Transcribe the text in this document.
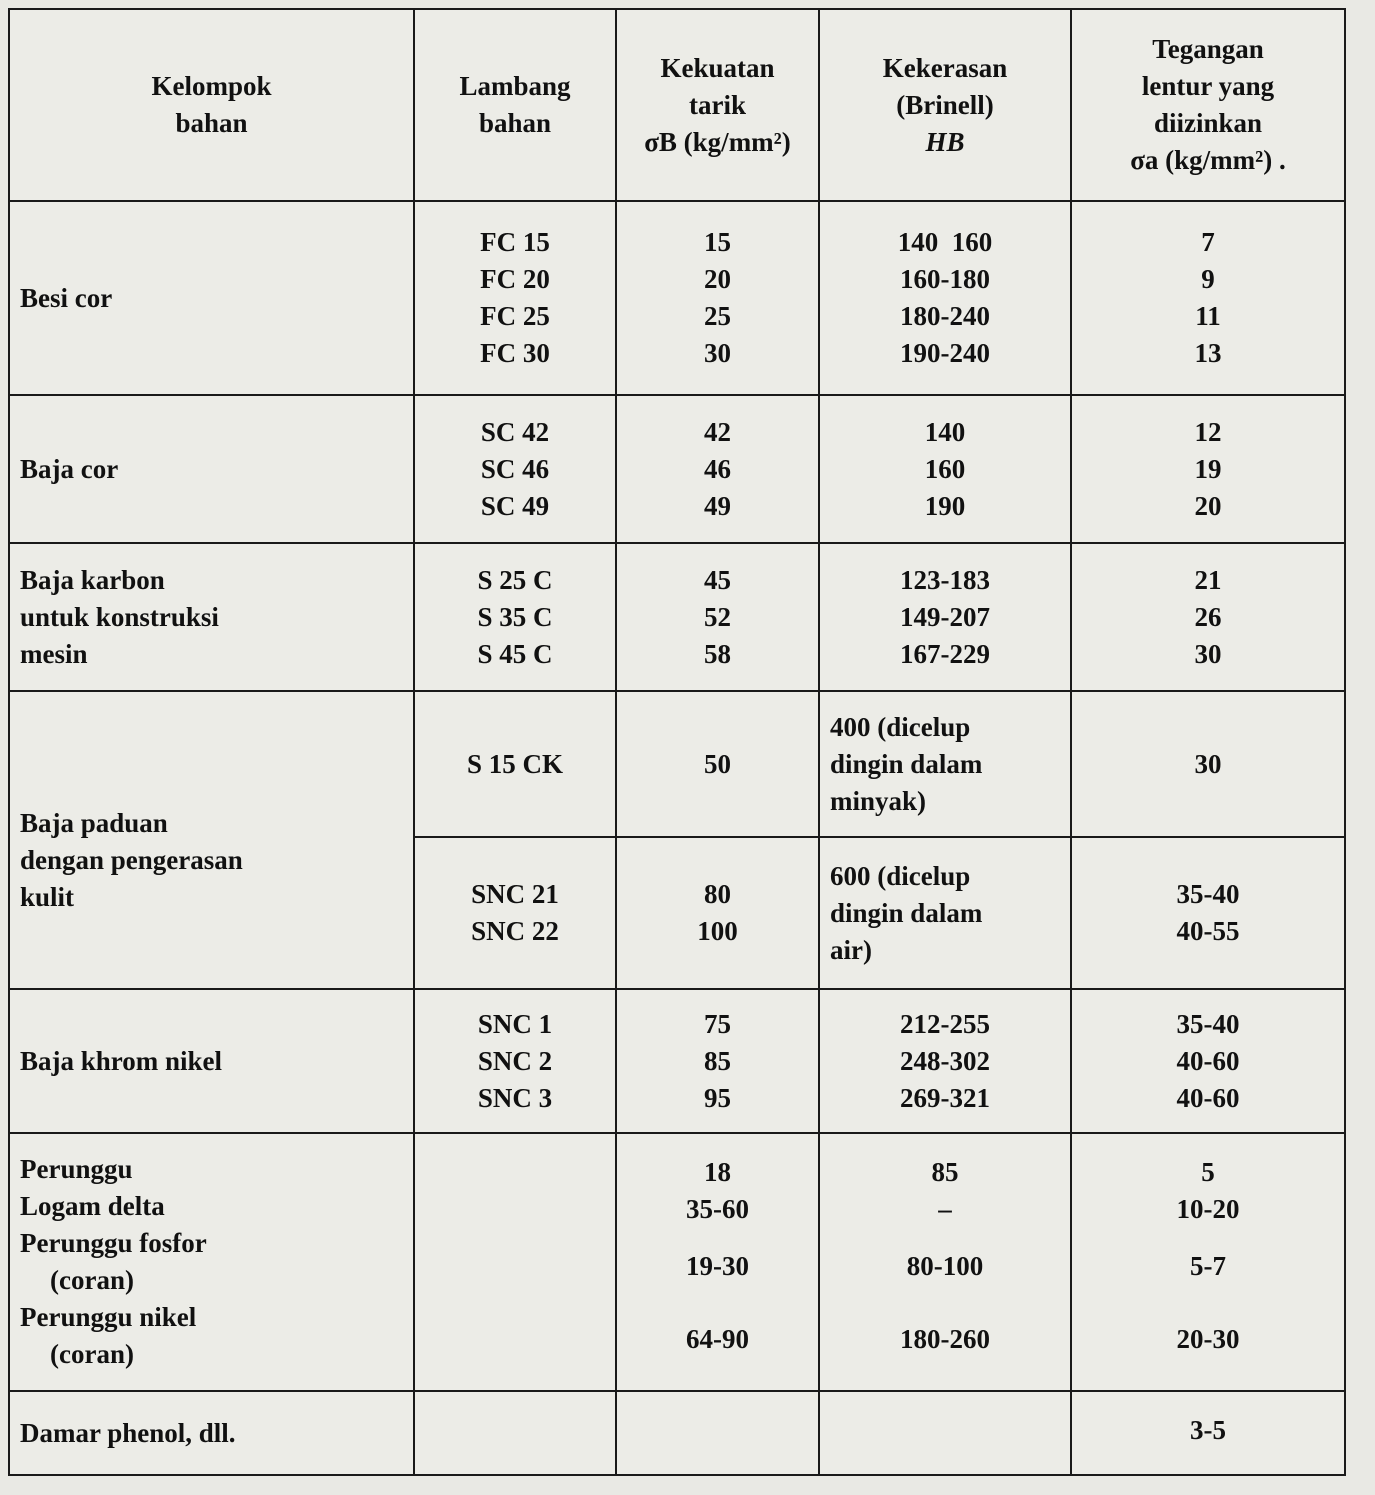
Kelompok
bahan
Lambang
bahan
Kekuatan
tarik
σB (kg/mm²)
Kekerasan
(Brinell)
HB
Tegangan
lentur yang
diizinkan
σa (kg/mm²) .
Besi cor
FC 15
FC 20
FC 25
FC 30
15
20
25
30
140  160
160-180
180-240
190-240
7
9
11
13
Baja cor
SC 42
SC 46
SC 49
42
46
49
140
160
190
12
19
20
Baja karbon
untuk konstruksi
mesin
S 25 C
S 35 C
S 45 C
45
52
58
123-183
149-207
167-229
21
26
30
Baja paduan
dengan pengerasan
kulit
S 15 CK	50
400 (dicelup
dingin dalam
minyak)
30
SNC 21
SNC 22
80
100
600 (dicelup
dingin dalam
air)
35-40
40-55
Baja khrom nikel
SNC 1
SNC 2
SNC 3
75
85
95
212-255
248-302
269-321
35-40
40-60
40-60
Perunggu
Logam delta
Perunggu fosfor
(coran)
Perunggu nikel
(coran)
18
35-60
19-30
64-90
85
–
80-100
180-260
5
10-20
5-7
20-30
Damar phenol, dll.	3-5
